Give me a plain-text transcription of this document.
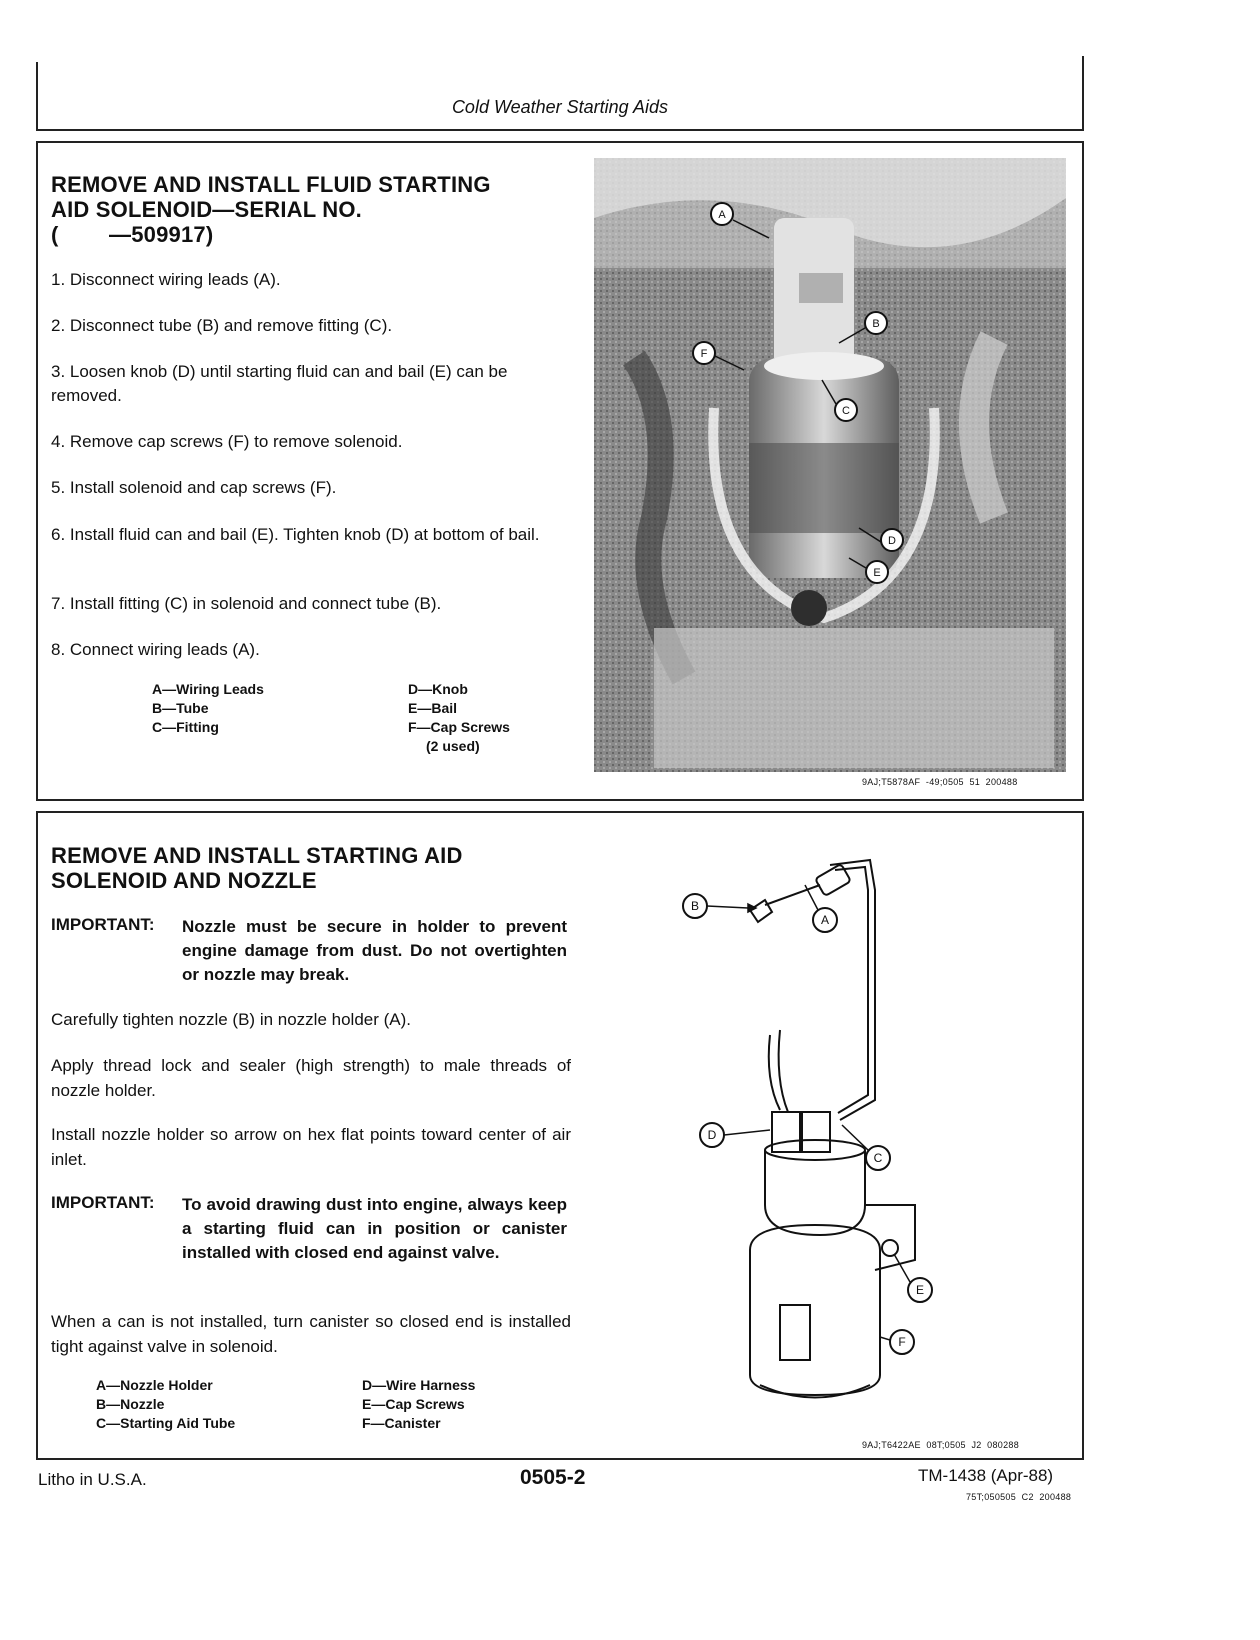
Cold Weather Starting Aids
REMOVE AND INSTALL FLUID STARTING
AID SOLENOID—SERIAL NO.
(        —509917)
1. Disconnect wiring leads (A).
2. Disconnect tube (B) and remove fitting (C).
3. Loosen knob (D) until starting fluid can and bail (E) can be removed.
4. Remove cap screws (F) to remove solenoid.
5. Install solenoid and cap screws (F).
6. Install fluid can and bail (E). Tighten knob (D) at bottom of bail.
7. Install fitting (C) in solenoid and connect tube (B).
8. Connect wiring leads (A).
A—Wiring Leads
B—Tube
C—Fitting
D—Knob
E—Bail
F—Cap Screws
(2 used)
A
B
C
D
E
F
9AJ;T5878AF  -49;0505  51  200488
REMOVE AND INSTALL STARTING AID
SOLENOID AND NOZZLE
IMPORTANT: Nozzle must be secure in holder to prevent engine damage from dust. Do not overtighten or nozzle may break.
Carefully tighten nozzle (B) in nozzle holder (A).
Apply thread lock and sealer (high strength) to male threads of nozzle holder.
Install nozzle holder so arrow on hex flat points toward center of air inlet.
IMPORTANT: To avoid drawing dust into engine, always keep a starting fluid can in position or canister installed with closed end against valve.
When a can is not installed, turn canister so closed end is installed tight against valve in solenoid.
A—Nozzle Holder
B—Nozzle
C—Starting Aid Tube
D—Wire Harness
E—Cap Screws
F—Canister
A
B
C
D
E
F
9AJ;T6422AE  08T;0505  J2  080288
Litho in U.S.A.	0505-2	TM-1438 (Apr-88)
75T;050505  C2  200488
